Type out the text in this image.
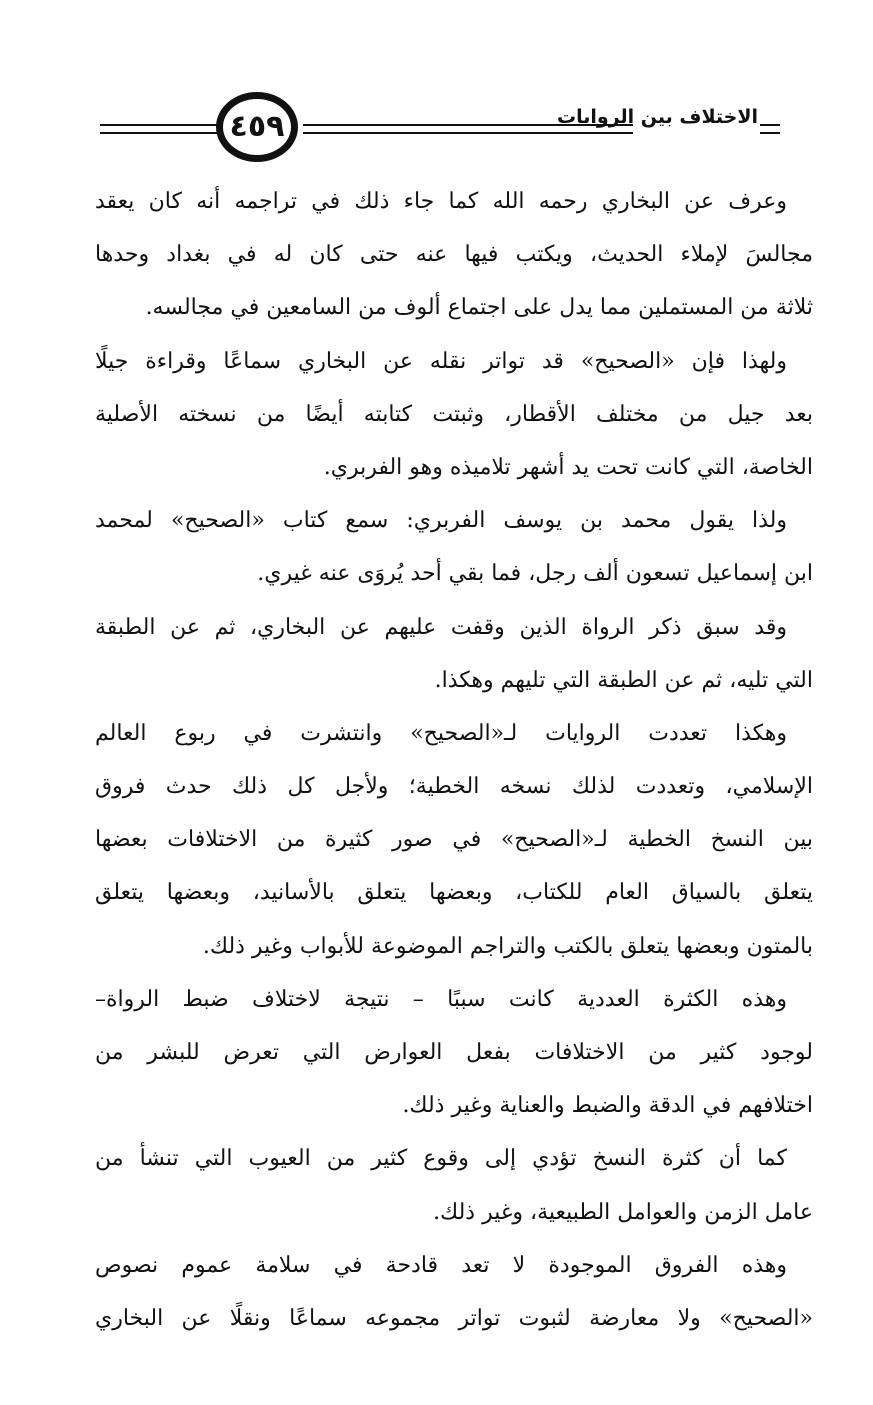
٤٥٩	الاختلاف بين الروايات
وعرف عن البخاري رحمه الله كما جاء ذلك في تراجمه أنه كان يعقد
مجالسَ لإملاء الحديث، ويكتب فيها عنه حتى كان له في بغداد وحدها
ثلاثة من المستملين مما يدل على اجتماع ألوف من السامعين في مجالسه.
ولهذا فإن «الصحيح» قد تواتر نقله عن البخاري سماعًا وقراءة جيلًا
بعد جيل من مختلف الأقطار، وثبتت كتابته أيضًا من نسخته الأصلية
الخاصة، التي كانت تحت يد أشهر تلاميذه وهو الفربري.
ولذا يقول محمد بن يوسف الفربري: سمع كتاب «الصحيح» لمحمد
ابن إسماعيل تسعون ألف رجل، فما بقي أحد يُروَى عنه غيري.
وقد سبق ذكر الرواة الذين وقفت عليهم عن البخاري، ثم عن الطبقة
التي تليه، ثم عن الطبقة التي تليهم وهكذا.
وهكذا تعددت الروايات لـ«الصحيح» وانتشرت في ربوع العالم
الإسلامي، وتعددت لذلك نسخه الخطية؛ ولأجل كل ذلك حدث فروق
بين النسخ الخطية لـ«الصحيح» في صور كثيرة من الاختلافات بعضها
يتعلق بالسياق العام للكتاب، وبعضها يتعلق بالأسانيد، وبعضها يتعلق
بالمتون وبعضها يتعلق بالكتب والتراجم الموضوعة للأبواب وغير ذلك.
وهذه الكثرة العددية كانت سببًا – نتيجة لاختلاف ضبط الرواة–
لوجود كثير من الاختلافات بفعل العوارض التي تعرض للبشر من
اختلافهم في الدقة والضبط والعناية وغير ذلك.
كما أن كثرة النسخ تؤدي إلى وقوع كثير من العيوب التي تنشأ من
عامل الزمن والعوامل الطبيعية، وغير ذلك.
وهذه الفروق الموجودة لا تعد قادحة في سلامة عموم نصوص
«الصحيح» ولا معارضة لثبوت تواتر مجموعه سماعًا ونقلًا عن البخاري
